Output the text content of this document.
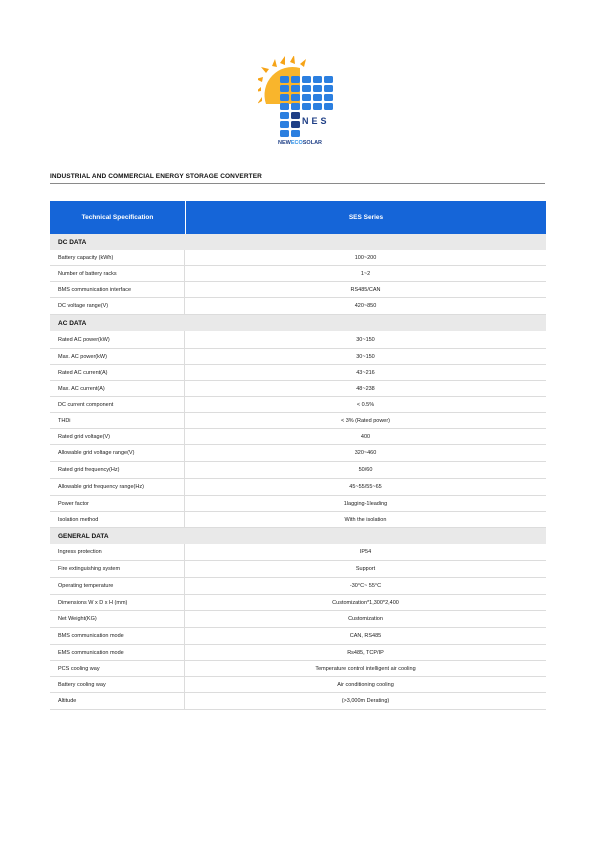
NES
NEWECOSOLAR
INDUSTRIAL AND COMMERCIAL ENERGY STORAGE CONVERTER
Technical Specification	SES Series
DC DATA
Battery capacity (kWh)	100~200
Number of battery racks	1~2
BMS communication interface	RS485/CAN
DC voltage range(V)	420~850
AC DATA
Rated AC power(kW)	30~150
Max. AC power(kW)	30~150
Rated AC current(A)	43~216
Max. AC current(A)	48~238
DC current component	< 0.5%
THDi	< 3% (Rated power)
Rated grid voltage(V)	400
Allowable grid voltage range(V)	320~460
Rated grid frequency(Hz)	50/60
Allowable grid frequency range(Hz)	45~55/55~65
Power factor	1lagging-1leading
Isolation method	With the isolation
GENERAL DATA
Ingress protection	IP54
Fire extinguishing system	Support
Operating temperature	-30°C~ 55°C
Dimensions W x D x H (mm)	Customization*1,300*2,400
Net Weight(KG)	Customization
BMS communication mode	CAN, RS485
EMS communication mode	Rs485, TCP/IP
PCS cooling way	Temperature control intelligent air cooling
Battery cooling way	Air conditioning cooling
Altitude	(>3,000m Derating)
